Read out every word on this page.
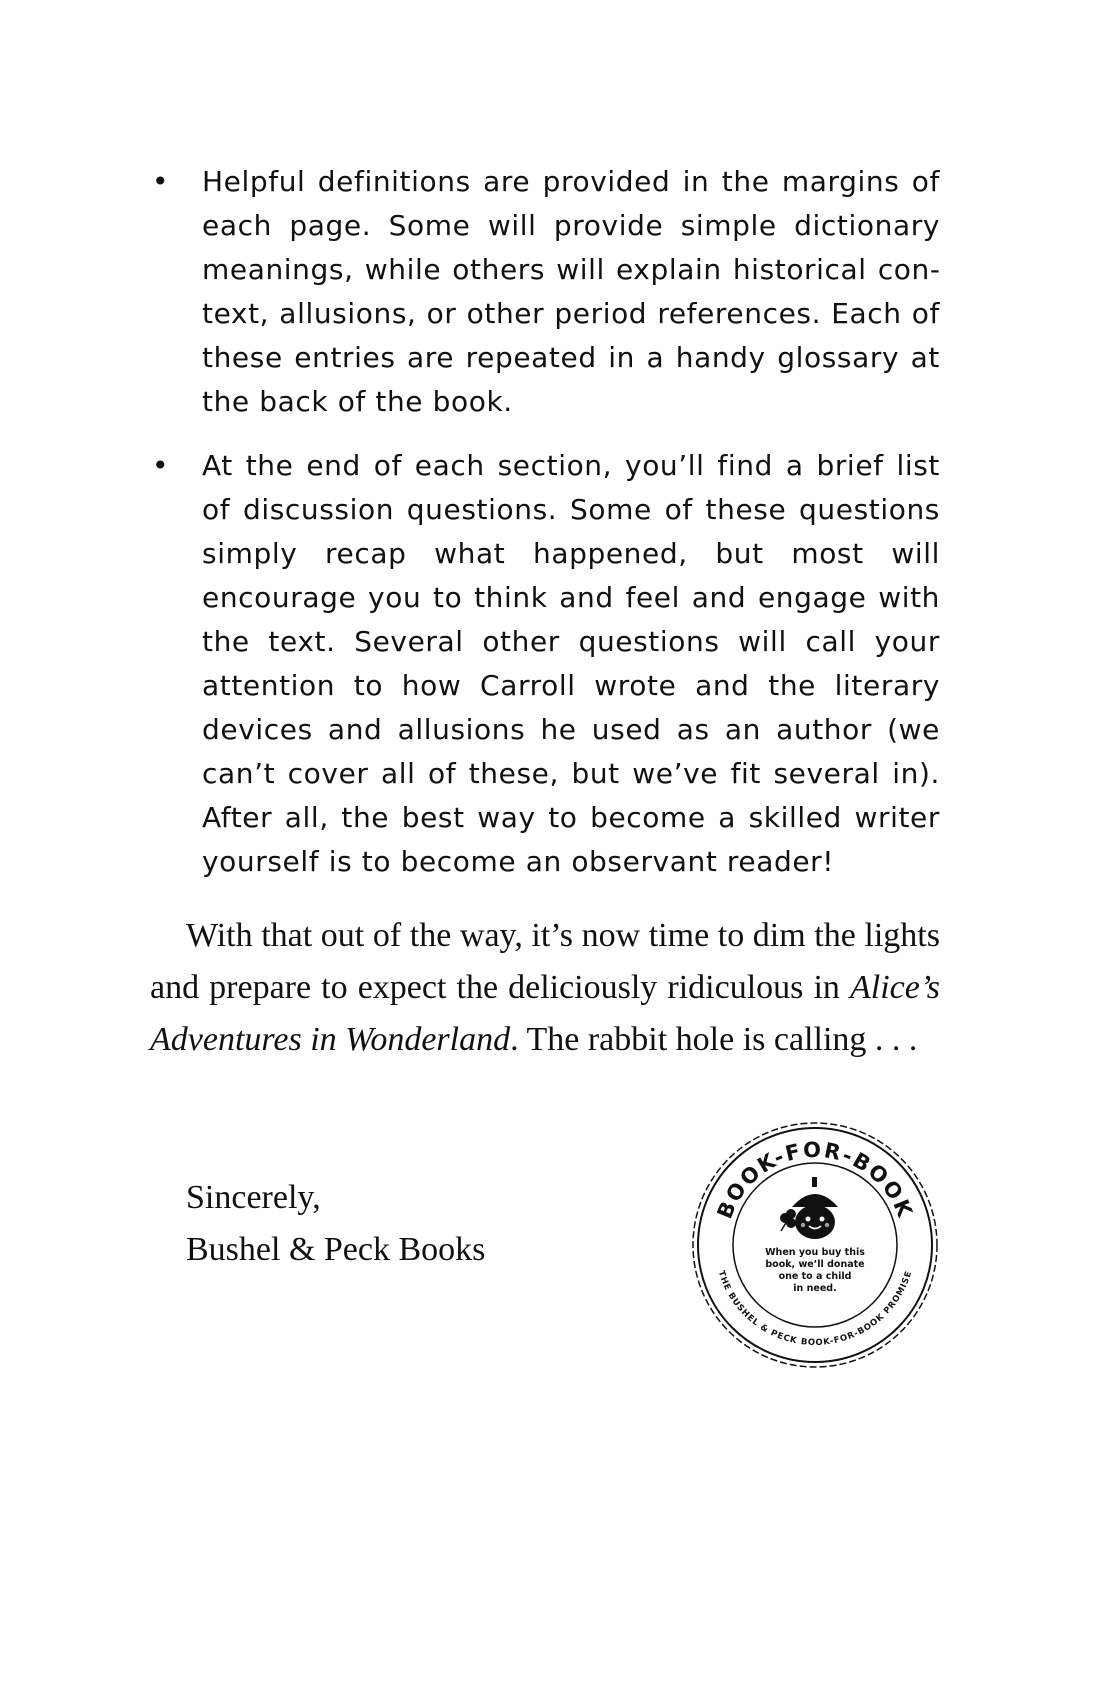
• Helpful definitions are provided in the margins of each page. Some will provide simple dictionary meanings, while others will explain historical context, allusions, or other period references. Each of these entries are repeated in a handy glossary at the back of the book.
• At the end of each section, you’ll find a brief list of discussion questions. Some of these questions simply recap what happened, but most will encourage you to think and feel and engage with the text. Several other questions will call your attention to how Carroll wrote and the literary devices and allusions he used as an author (we can’t cover all of these, but we’ve fit several in). After all, the best way to become a skilled writer yourself is to become an observant reader!

With that out of the way, it’s now time to dim the lights and prepare to expect the deliciously ridiculous in Alice’s Adventures in Wonderland. The rabbit hole is calling . . .

Sincerely,
Bushel & Peck Books
BOOK-FOR-BOOK
THE BUSHEL & PECK BOOK-FOR-BOOK PROMISE
When you buy this
book, we’ll donate
one to a child
in need.
